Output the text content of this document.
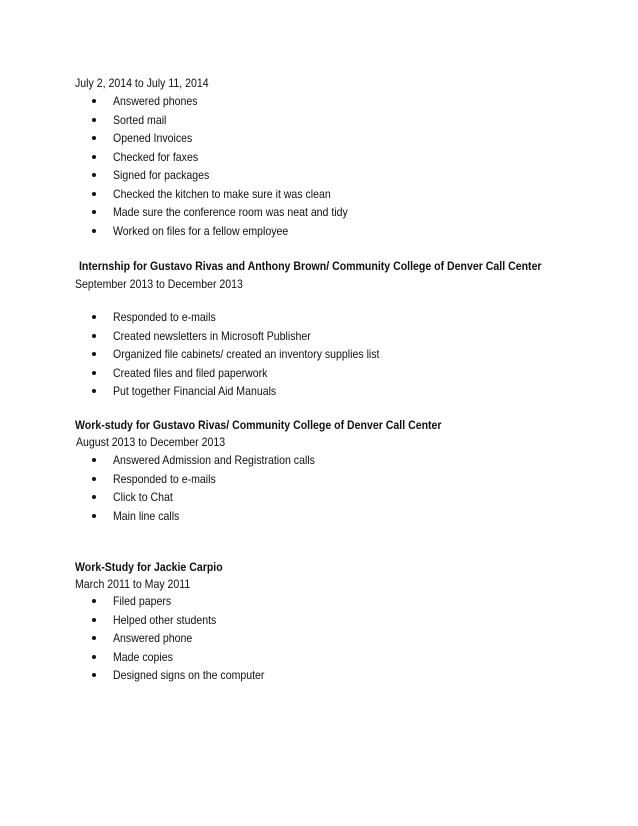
July 2, 2014 to July 11, 2014
Answered phones
Sorted mail
Opened Invoices
Checked for faxes
Signed for packages
Checked the kitchen to make sure it was clean
Made sure the conference room was neat and tidy
Worked on files for a fellow employee
Internship for Gustavo Rivas and Anthony Brown/ Community College of Denver Call Center
September 2013 to December 2013
Responded to e-mails
Created newsletters in Microsoft Publisher
Organized file cabinets/ created an inventory supplies list
Created files and filed paperwork
Put together Financial Aid Manuals
Work-study for Gustavo Rivas/ Community College of Denver Call Center
August 2013 to December 2013
Answered Admission and Registration calls
Responded to e-mails
Click to Chat
Main line calls
Work-Study for Jackie Carpio
March 2011 to May 2011
Filed papers
Helped other students
Answered phone
Made copies
Designed signs on the computer
